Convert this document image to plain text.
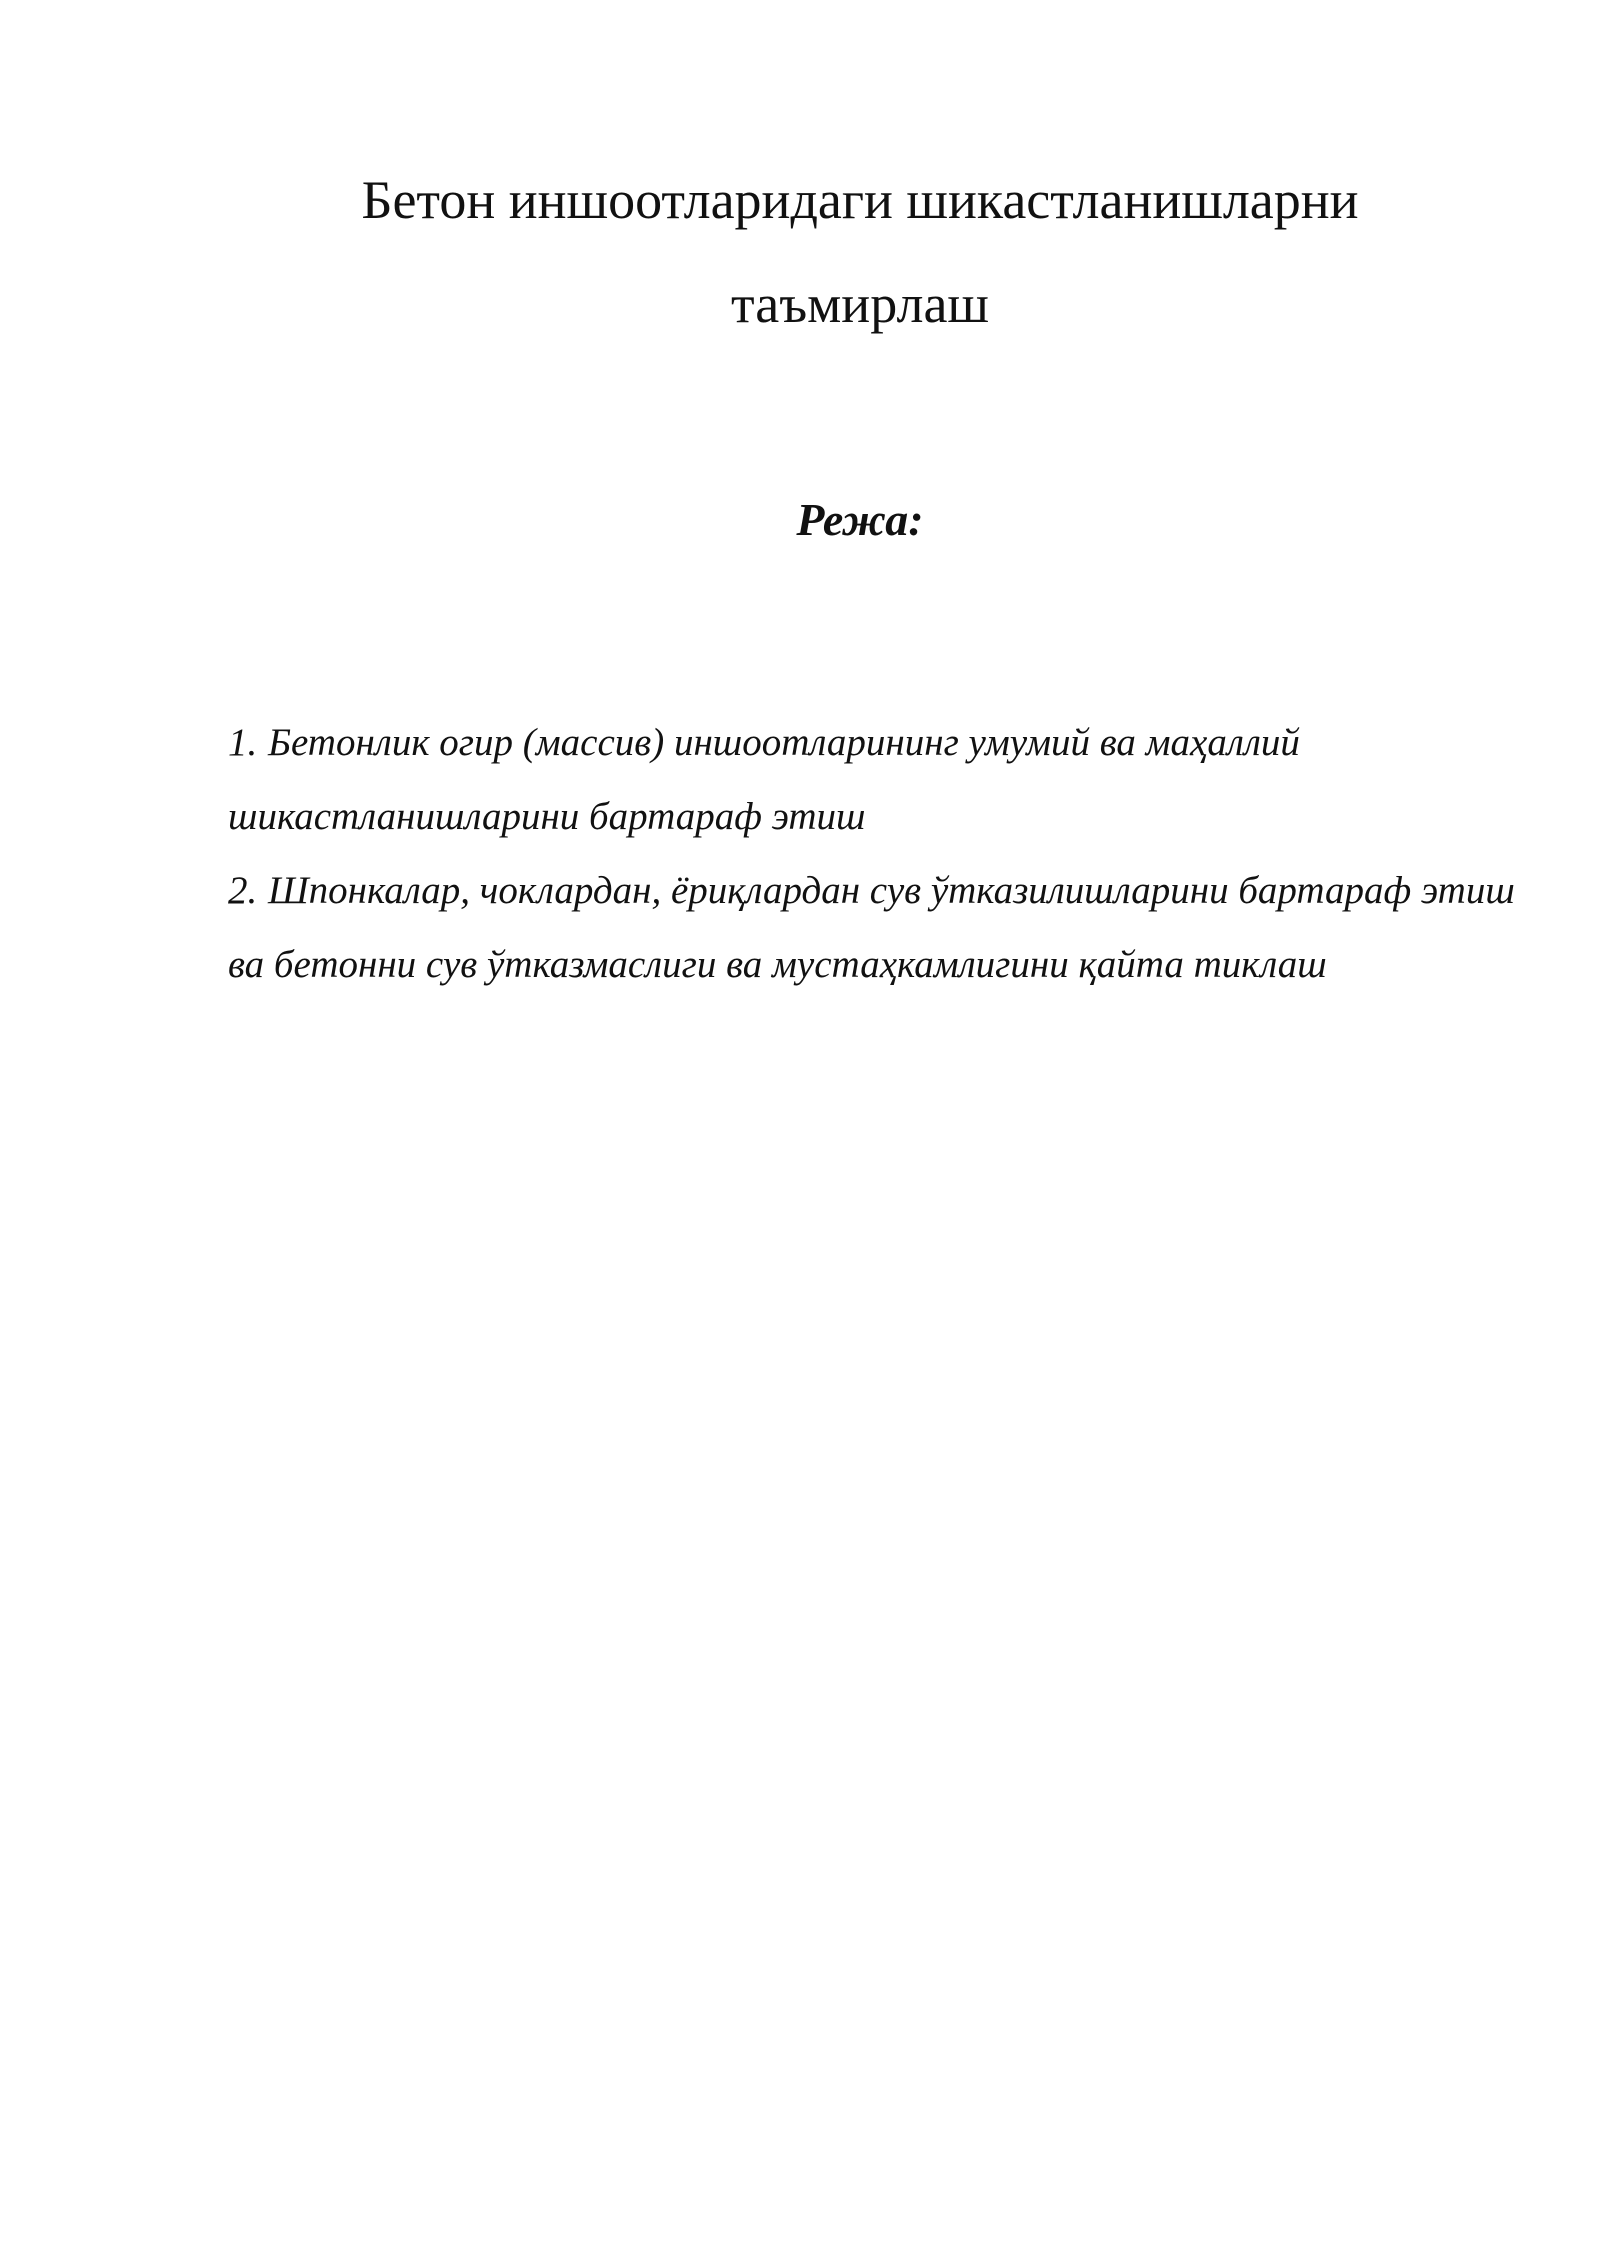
Бетон иншоотларидаги шикастланишларни таъмирлаш
Режа:
1. Бетонлик огир (массив) иншоотларининг умумий ва маҳаллий шикастланишларини бартараф этиш
2. Шпонкалар, чоклардан, ёриқлардан сув ўтказилишларини бартараф этиш ва бетонни сув ўтказмаслиги ва мустаҳкамлигини қайта тиклаш
